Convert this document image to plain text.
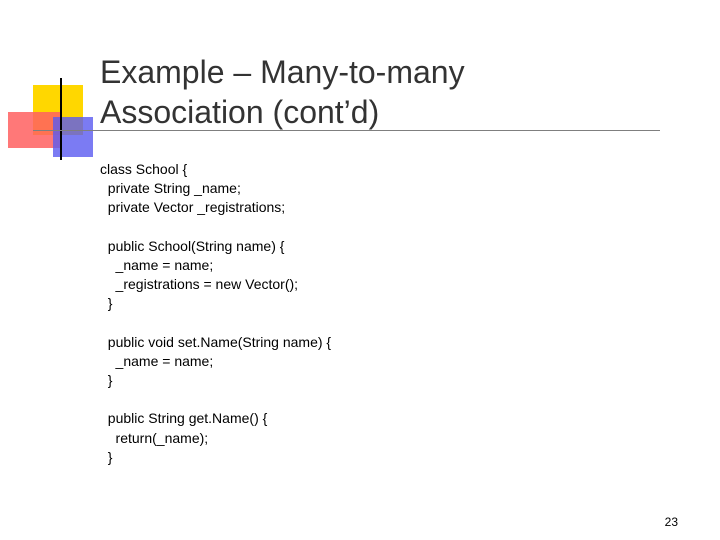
Example – Many-to-many
Association (cont’d)
class School {
private String _name;
private Vector _registrations;
public School(String name) {
_name = name;
_registrations = new Vector();
}
public void set.Name(String name) {
_name = name;
}
public String get.Name() {
return(_name);
}
23
